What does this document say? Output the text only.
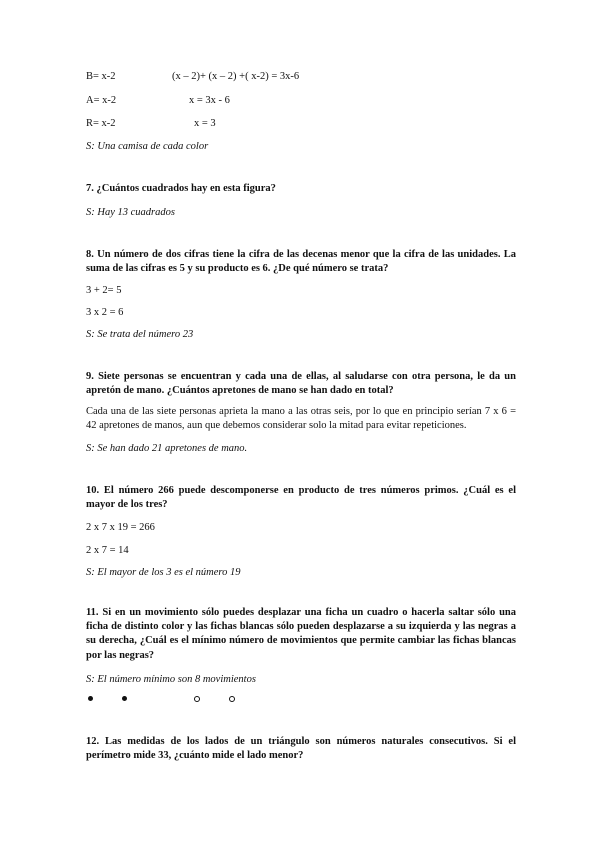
B= x-2	(x – 2)+ (x – 2) +( x-2) = 3x-6
A= x-2	x = 3x - 6
R= x-2	x = 3
S: Una camisa de cada color
7. ¿Cuántos cuadrados hay en esta figura?
S: Hay 13 cuadrados
8. Un número de dos cifras tiene la cifra de las decenas menor que la cifra de las unidades. La suma de las cifras es 5 y su producto es 6. ¿De qué número se trata?
3 + 2= 5
3 x 2 = 6
S: Se trata del número 23
9. Siete personas se encuentran y cada una de ellas, al saludarse con otra persona, le da un apretón de mano. ¿Cuántos apretones de mano se han dado en total?
Cada una de las siete personas aprieta la mano a las otras seis, por lo que en principio serían 7 x 6 = 42 apretones de manos, aun que debemos considerar solo la mitad para evitar repeticiones.
S: Se han dado 21 apretones de mano.
10. El número 266 puede descomponerse en producto de tres números primos. ¿Cuál es el mayor de los tres?
2 x 7 x 19 = 266
2 x 7 = 14
S: El mayor de los 3 es el número 19
11. Si en un movimiento sólo puedes desplazar una ficha un cuadro o hacerla saltar sólo una ficha de distinto color y las fichas blancas sólo pueden desplazarse a su izquierda y las negras a su derecha, ¿Cuál es el mínimo número de movimientos que permite cambiar las fichas blancas por las negras?
S: El número mínimo son 8 movimientos
12. Las medidas de los lados de un triángulo son números naturales consecutivos. Si el perímetro mide 33, ¿cuánto mide el lado menor?
